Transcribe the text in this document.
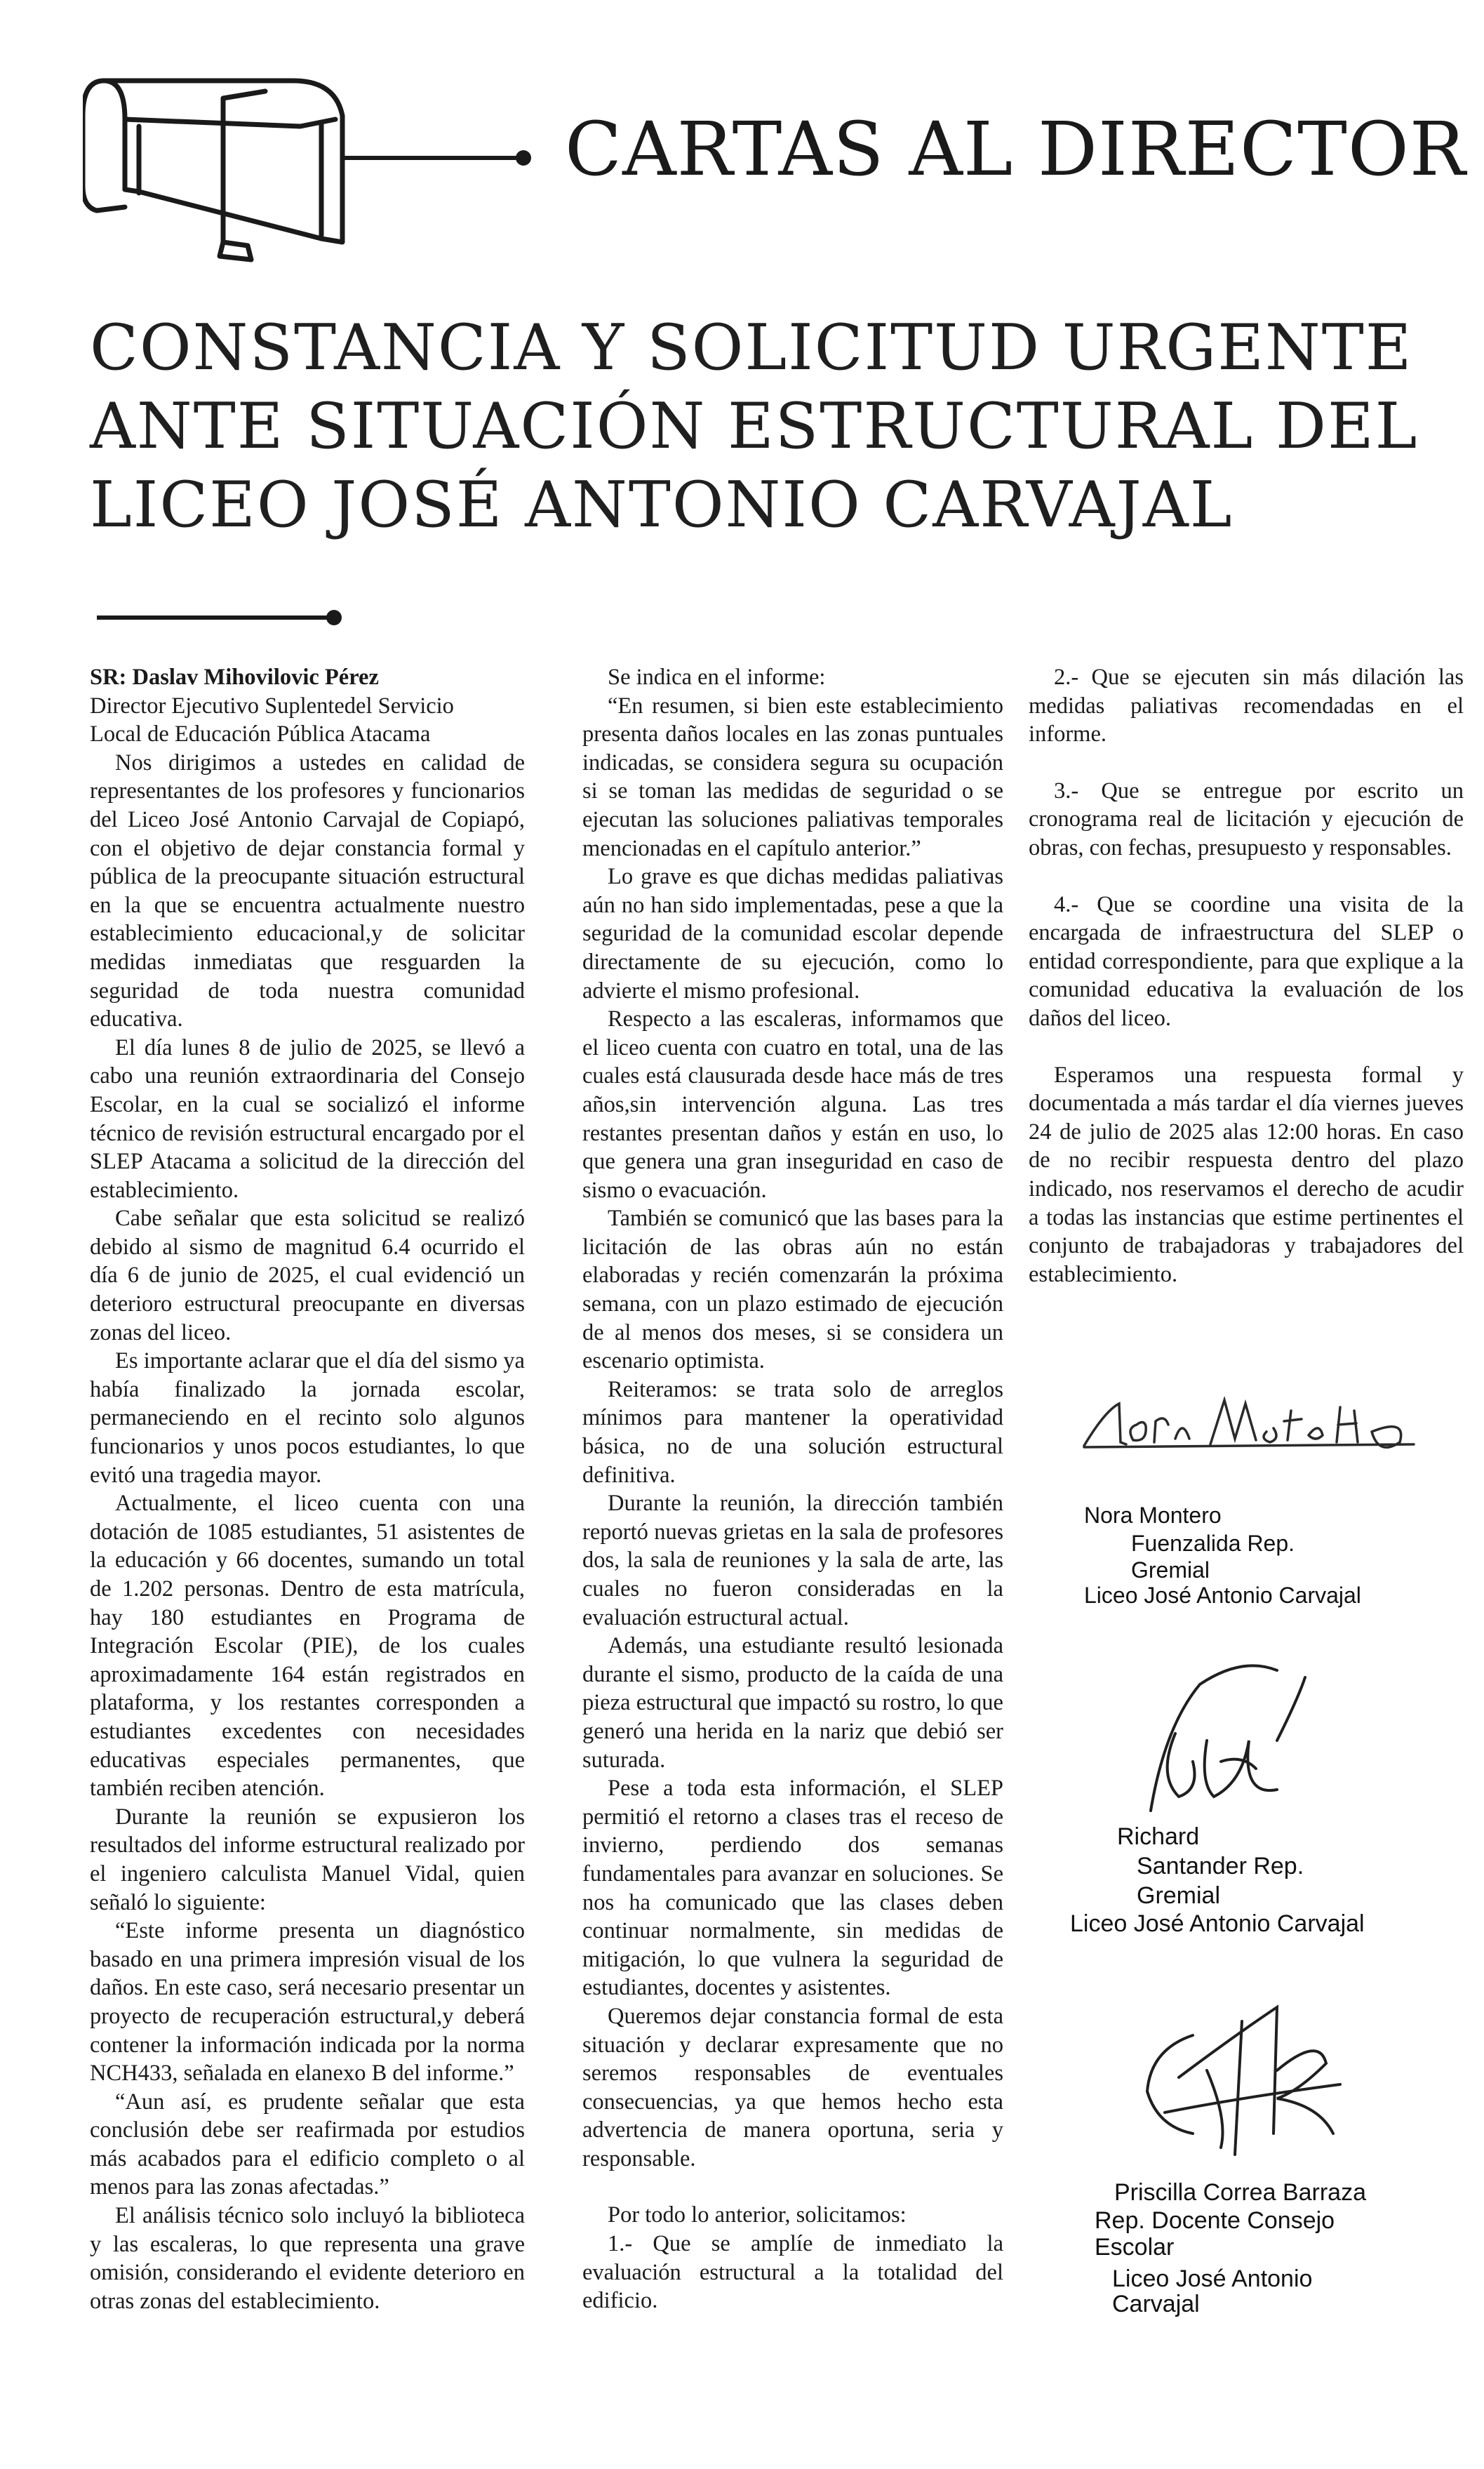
CARTAS AL DIRECTOR
CONSTANCIA Y SOLICITUD URGENTE
ANTE SITUACIÓN ESTRUCTURAL DEL
LICEO JOSÉ ANTONIO CARVAJAL

SR: Daslav Mihovilovic Pérez

Director Ejecutivo Suplentedel Servicio

Local de Educación Pública Atacama

Nos dirigimos a ustedes en calidad de representantes de los profesores y funcionarios del Liceo José Antonio Carvajal de Copiapó, con el objetivo de dejar constancia formal y pública de la preocupante situación estructural en la que se encuentra actualmente nuestro establecimiento educacional,y de solicitar medidas inmediatas que resguarden la seguridad de toda nuestra comunidad educativa.

El día lunes 8 de julio de 2025, se llevó a cabo una reunión extraordinaria del Consejo Escolar, en la cual se socializó el informe técnico de revisión estructural encargado por el SLEP Atacama a solicitud de la dirección del establecimiento.

Cabe señalar que esta solicitud se realizó debido al sismo de magnitud 6.4 ocurrido el día 6 de junio de 2025, el cual evidenció un deterioro estructural preocupante en diversas zonas del liceo.

Es importante aclarar que el día del sismo ya había finalizado la jornada escolar, permaneciendo en el recinto solo algunos funcionarios y unos pocos estudiantes, lo que evitó una tragedia mayor.

Actualmente, el liceo cuenta con una dotación de 1085 estudiantes, 51 asistentes de la educación y 66 docentes, sumando un total de 1.202 personas. Dentro de esta matrícula, hay 180 estudiantes en Programa de Integración Escolar (PIE), de los cuales aproximadamente 164 están registrados en plataforma, y los restantes corresponden a estudiantes excedentes con necesidades educativas especiales permanentes, que también reciben atención.

Durante la reunión se expusieron los resultados del informe estructural realizado por el ingeniero calculista Manuel Vidal, quien señaló lo siguiente:

“Este informe presenta un diagnóstico basado en una primera impresión visual de los daños. En este caso, será necesario presentar un proyecto de recuperación estructural,y deberá contener la información indicada por la norma NCH433, señalada en elanexo B del informe.”

“Aun así, es prudente señalar que esta conclusión debe ser reafirmada por estudios más acabados para el edificio completo o al menos para las zonas afectadas.”

El análisis técnico solo incluyó la biblioteca y las escaleras, lo que representa una grave omisión, considerando el evidente deterioro en otras zonas del establecimiento.

Se indica en el informe:

“En resumen, si bien este establecimiento presenta daños locales en las zonas puntuales indicadas, se considera segura su ocupación si se toman las medidas de seguridad o se ejecutan las soluciones paliativas temporales mencionadas en el capítulo anterior.”

Lo grave es que dichas medidas paliativas aún no han sido implementadas, pese a que la seguridad de la comunidad escolar depende directamente de su ejecución, como lo advierte el mismo profesional.

Respecto a las escaleras, informamos que el liceo cuenta con cuatro en total, una de las cuales está clausurada desde hace más de tres años,sin intervención alguna. Las tres restantes presentan daños y están en uso, lo que genera una gran inseguridad en caso de sismo o evacuación.

También se comunicó que las bases para la licitación de las obras aún no están elaboradas y recién comenzarán la próxima semana, con un plazo estimado de ejecución de al menos dos meses, si se considera un escenario optimista.

Reiteramos: se trata solo de arreglos mínimos para mantener la operatividad básica, no de una solución estructural definitiva.

Durante la reunión, la dirección también reportó nuevas grietas en la sala de profesores dos, la sala de reuniones y la sala de arte, las cuales no fueron consideradas en la evaluación estructural actual.

Además, una estudiante resultó lesionada durante el sismo, producto de la caída de una pieza estructural que impactó su rostro, lo que generó una herida en la nariz que debió ser suturada.

Pese a toda esta información, el SLEP permitió el retorno a clases tras el receso de invierno, perdiendo dos semanas fundamentales para avanzar en soluciones. Se nos ha comunicado que las clases deben continuar normalmente, sin medidas de mitigación, lo que vulnera la seguridad de estudiantes, docentes y asistentes.

Queremos dejar constancia formal de esta situación y declarar expresamente que no seremos responsables de eventuales consecuencias, ya que hemos hecho esta advertencia de manera oportuna, seria y responsable.

Por todo lo anterior, solicitamos:

1.- Que se amplíe de inmediato la evaluación estructural a la totalidad del edificio.

2.- Que se ejecuten sin más dilación las medidas paliativas recomendadas en el informe.

3.- Que se entregue por escrito un cronograma real de licitación y ejecución de obras, con fechas, presupuesto y responsables.

4.- Que se coordine una visita de la encargada de infraestructura del SLEP o entidad correspondiente, para que explique a la comunidad educativa la evaluación de los daños del liceo.

Esperamos una respuesta formal y documentada a más tardar el día viernes jueves 24 de julio de 2025 alas 12:00 horas. En caso de no recibir respuesta dentro del plazo indicado, nos reservamos el derecho de acudir a todas las instancias que estime pertinentes el conjunto de trabajadoras y trabajadores del establecimiento.

Nora Montero
Fuenzalida Rep.
Gremial
Liceo José Antonio Carvajal
Richard
Santander Rep.
Gremial
Liceo José Antonio Carvajal
Priscilla Correa Barraza
Rep. Docente Consejo
Escolar
Liceo José Antonio
Carvajal
